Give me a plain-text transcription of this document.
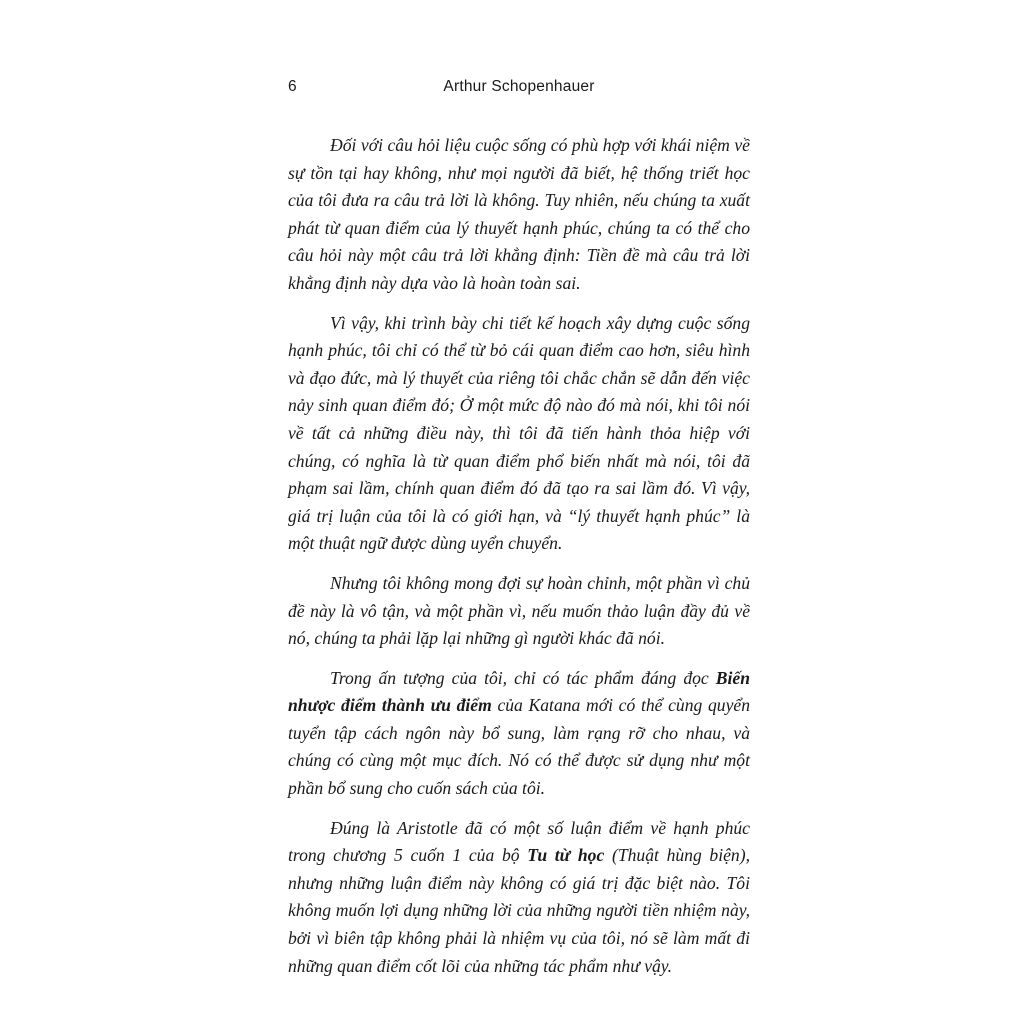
6	Arthur Schopenhauer

Đối với câu hỏi liệu cuộc sống có phù hợp với khái niệm về sự tồn tại hay không, như mọi người đã biết, hệ thống triết học của tôi đưa ra câu trả lời là không. Tuy nhiên, nếu chúng ta xuất phát từ quan điểm của lý thuyết hạnh phúc, chúng ta có thể cho câu hỏi này một câu trả lời khẳng định: Tiền đề mà câu trả lời khẳng định này dựa vào là hoàn toàn sai.

Vì vậy, khi trình bày chi tiết kế hoạch xây dựng cuộc sống hạnh phúc, tôi chỉ có thể từ bỏ cái quan điểm cao hơn, siêu hình và đạo đức, mà lý thuyết của riêng tôi chắc chắn sẽ dẫn đến việc nảy sinh quan điểm đó; Ở một mức độ nào đó mà nói, khi tôi nói về tất cả những điều này, thì tôi đã tiến hành thỏa hiệp với chúng, có nghĩa là từ quan điểm phổ biến nhất mà nói, tôi đã phạm sai lầm, chính quan điểm đó đã tạo ra sai lầm đó. Vì vậy, giá trị luận của tôi là có giới hạn, và “lý thuyết hạnh phúc” là một thuật ngữ được dùng uyển chuyển.

Nhưng tôi không mong đợi sự hoàn chỉnh, một phần vì chủ đề này là vô tận, và một phần vì, nếu muốn thảo luận đầy đủ về nó, chúng ta phải lặp lại những gì người khác đã nói.

Trong ấn tượng của tôi, chỉ có tác phẩm đáng đọc Biến nhược điểm thành ưu điểm của Katana mới có thể cùng quyển tuyển tập cách ngôn này bổ sung, làm rạng rỡ cho nhau, và chúng có cùng một mục đích. Nó có thể được sử dụng như một phần bổ sung cho cuốn sách của tôi.

Đúng là Aristotle đã có một số luận điểm về hạnh phúc trong chương 5 cuốn 1 của bộ Tu từ học (Thuật hùng biện), nhưng những luận điểm này không có giá trị đặc biệt nào. Tôi không muốn lợi dụng những lời của những người tiền nhiệm này, bởi vì biên tập không phải là nhiệm vụ của tôi, nó sẽ làm mất đi những quan điểm cốt lõi của những tác phẩm như vậy.
